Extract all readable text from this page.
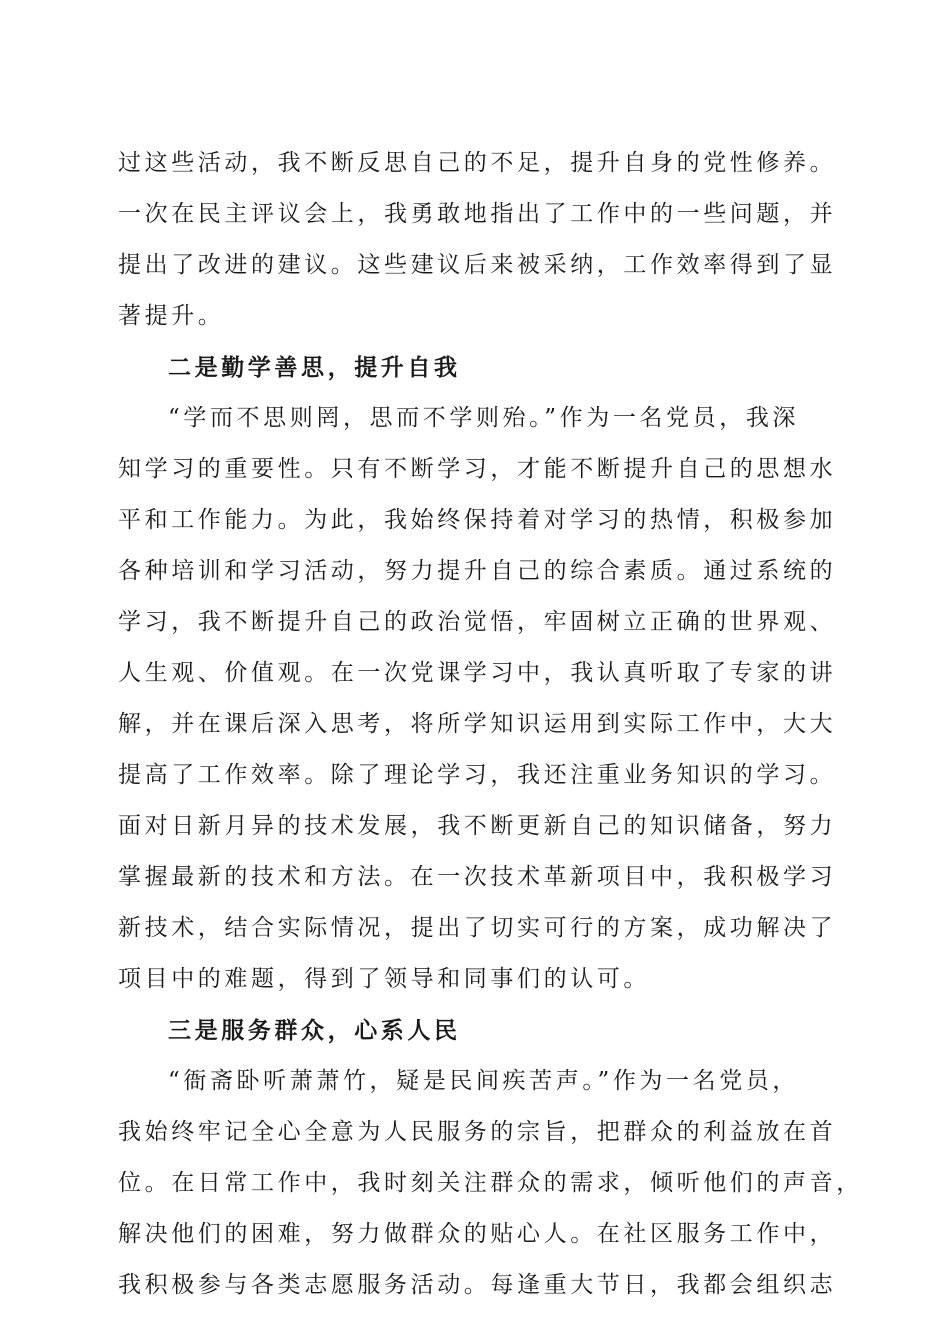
过这些活动，我不断反思自己的不足，提升自身的党性修养。
一次在民主评议会上，我勇敢地指出了工作中的一些问题，并
提出了改进的建议。这些建议后来被采纳，工作效率得到了显
著提升。
二是勤学善思，提升自我
“学而不思则罔，思而不学则殆。”作为一名党员，我深
知学习的重要性。只有不断学习，才能不断提升自己的思想水
平和工作能力。为此，我始终保持着对学习的热情，积极参加
各种培训和学习活动，努力提升自己的综合素质。通过系统的
学习，我不断提升自己的政治觉悟，牢固树立正确的世界观、
人生观、价值观。在一次党课学习中，我认真听取了专家的讲
解，并在课后深入思考，将所学知识运用到实际工作中，大大
提高了工作效率。除了理论学习，我还注重业务知识的学习。
面对日新月异的技术发展，我不断更新自己的知识储备，努力
掌握最新的技术和方法。在一次技术革新项目中，我积极学习
新技术，结合实际情况，提出了切实可行的方案，成功解决了
项目中的难题，得到了领导和同事们的认可。
三是服务群众，心系人民
“衙斋卧听萧萧竹，疑是民间疾苦声。”作为一名党员，
我始终牢记全心全意为人民服务的宗旨，把群众的利益放在首
位。在日常工作中，我时刻关注群众的需求，倾听他们的声音，
解决他们的困难，努力做群众的贴心人。在社区服务工作中，
我积极参与各类志愿服务活动。每逢重大节日，我都会组织志
